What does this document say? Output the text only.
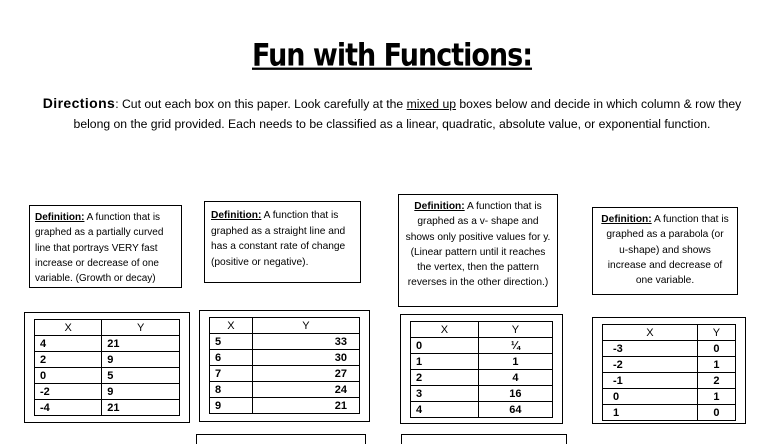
Fun with Functions:
Directions: Cut out each box on this paper. Look carefully at the mixed up boxes below and decide in which column & row they belong on the grid provided. Each needs to be classified as a linear, quadratic, absolute value, or exponential function.
Definition: A function that is graphed as a partially curved line that portrays VERY fast increase or decrease of one variable. (Growth or decay)
Definition: A function that is graphed as a straight line and has a constant rate of change (positive or negative).
Definition: A function that is graphed as a v- shape and shows only positive values for y. (Linear pattern until it reaches the vertex, then the pattern reverses in the other direction.)
Definition: A function that is graphed as a parabola (or u-shape) and shows increase and decrease of one variable.
X	Y
4	21
2	9
0	5
-2	9
-4	21
X	Y
5	33
6	30
7	27
8	24
9	21
X	Y
0	¼
1	1
2	4
3	16
4	64
X	Y
-3	0
-2	1
-1	2
0	1
1	0
